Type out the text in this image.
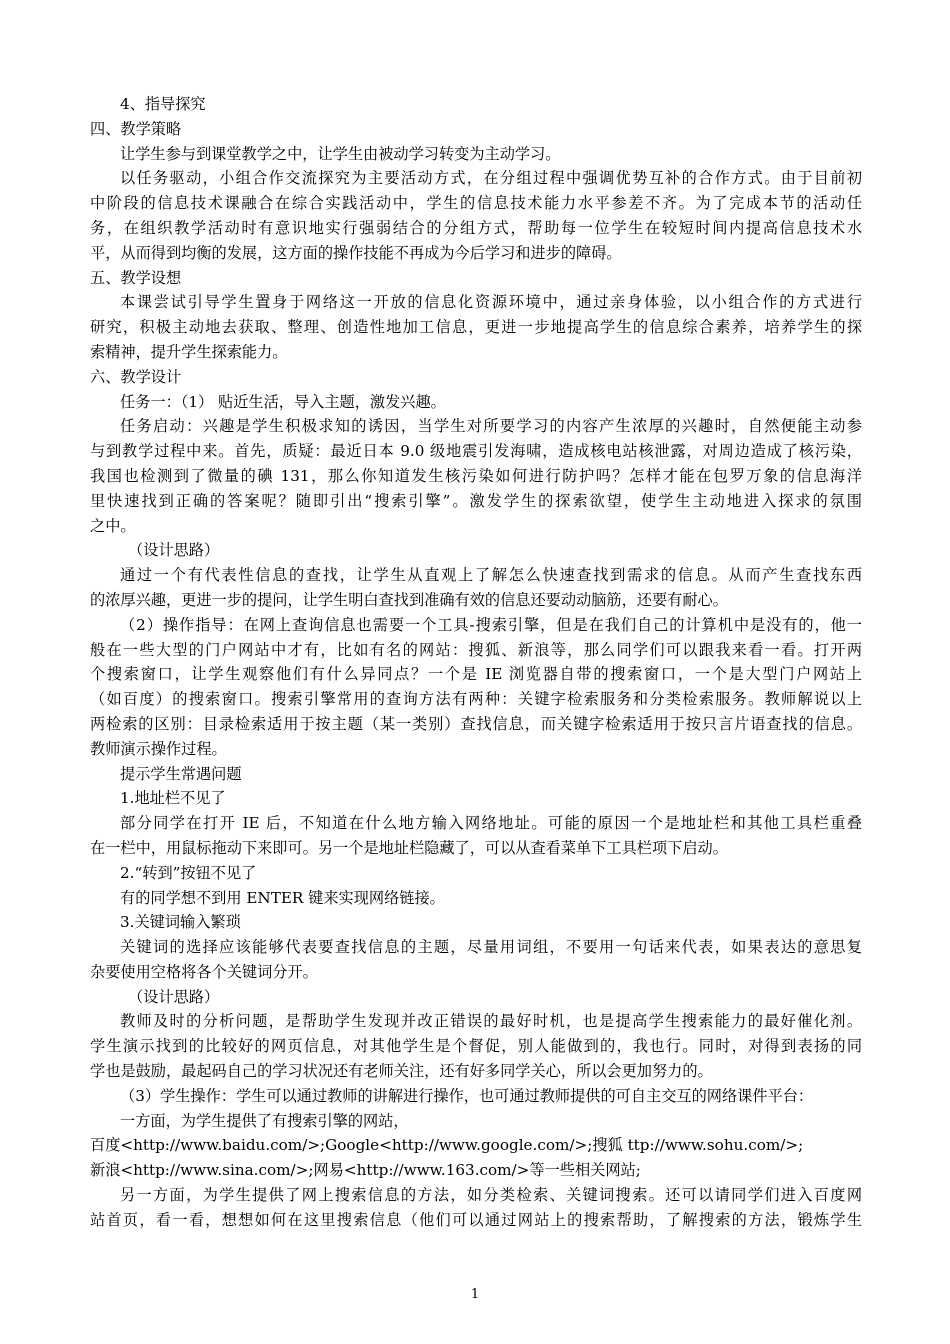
4、指导探究
四、教学策略
让学生参与到课堂教学之中，让学生由被动学习转变为主动学习。
以任务驱动，小组合作交流探究为主要活动方式，在分组过程中强调优势互补的合作方式。由于目前初
中阶段的信息技术课融合在综合实践活动中，学生的信息技术能力水平参差不齐。为了完成本节的活动任
务，在组织教学活动时有意识地实行强弱结合的分组方式，帮助每一位学生在较短时间内提高信息技术水
平，从而得到均衡的发展，这方面的操作技能不再成为今后学习和进步的障碍。
五、教学设想
本课尝试引导学生置身于网络这一开放的信息化资源环境中，通过亲身体验，以小组合作的方式进行
研究，积极主动地去获取、整理、创造性地加工信息，更进一步地提高学生的信息综合素养，培养学生的探
索精神，提升学生探索能力。
六、教学设计
任务一：（1） 贴近生活，导入主题，激发兴趣。
任务启动：兴趣是学生积极求知的诱因，当学生对所要学习的内容产生浓厚的兴趣时，自然便能主动参
与到教学过程中来。首先，质疑：最近日本 9.0 级地震引发海啸，造成核电站核泄露，对周边造成了核污染，
我国也检测到了微量的碘 131，那么你知道发生核污染如何进行防护吗？怎样才能在包罗万象的信息海洋
里快速找到正确的答案呢？随即引出“搜索引擎”。激发学生的探索欲望，使学生主动地进入探求的氛围
之中。
（设计思路）
通过一个有代表性信息的查找，让学生从直观上了解怎么快速查找到需求的信息。从而产生查找东西
的浓厚兴趣，更进一步的提问，让学生明白查找到准确有效的信息还要动动脑筋，还要有耐心。
（2）操作指导：在网上查询信息也需要一个工具-搜索引擎，但是在我们自己的计算机中是没有的，他一
般在一些大型的门户网站中才有，比如有名的网站：搜狐、新浪等，那么同学们可以跟我来看一看。打开两
个搜索窗口，让学生观察他们有什么异同点？一个是 IE 浏览器自带的搜索窗口，一个是大型门户网站上
（如百度）的搜索窗口。搜索引擎常用的查询方法有两种：关键字检索服务和分类检索服务。教师解说以上
两检索的区别：目录检索适用于按主题（某一类别）查找信息，而关键字检索适用于按只言片语查找的信息。
教师演示操作过程。
提示学生常遇问题
1.地址栏不见了
部分同学在打开 IE 后，不知道在什么地方输入网络地址。可能的原因一个是地址栏和其他工具栏重叠
在一栏中，用鼠标拖动下来即可。另一个是地址栏隐藏了，可以从查看菜单下工具栏项下启动。
2.“转到”按钮不见了
有的同学想不到用 ENTER 键来实现网络链接。
3.关键词输入繁琐
关键词的选择应该能够代表要查找信息的主题，尽量用词组，不要用一句话来代表，如果表达的意思复
杂要使用空格将各个关键词分开。
（设计思路）
教师及时的分析问题，是帮助学生发现并改正错误的最好时机，也是提高学生搜索能力的最好催化剂。
学生演示找到的比较好的网页信息，对其他学生是个督促，别人能做到的，我也行。同时，对得到表扬的同
学也是鼓励，最起码自己的学习状况还有老师关注，还有好多同学关心，所以会更加努力的。
（3）学生操作：学生可以通过教师的讲解进行操作，也可通过教师提供的可自主交互的网络课件平台：
一方面，为学生提供了有搜索引擎的网站，
百度<http://www.baidu.com/>;Google<http://www.google.com/>;搜狐 ttp://www.sohu.com/>;
新浪<http://www.sina.com/>;网易<http://www.163.com/>等一些相关网站;
另一方面，为学生提供了网上搜索信息的方法，如分类检索、关键词搜索。还可以请同学们进入百度网
站首页，看一看，想想如何在这里搜索信息（他们可以通过网站上的搜索帮助，了解搜索的方法，锻炼学生
1
